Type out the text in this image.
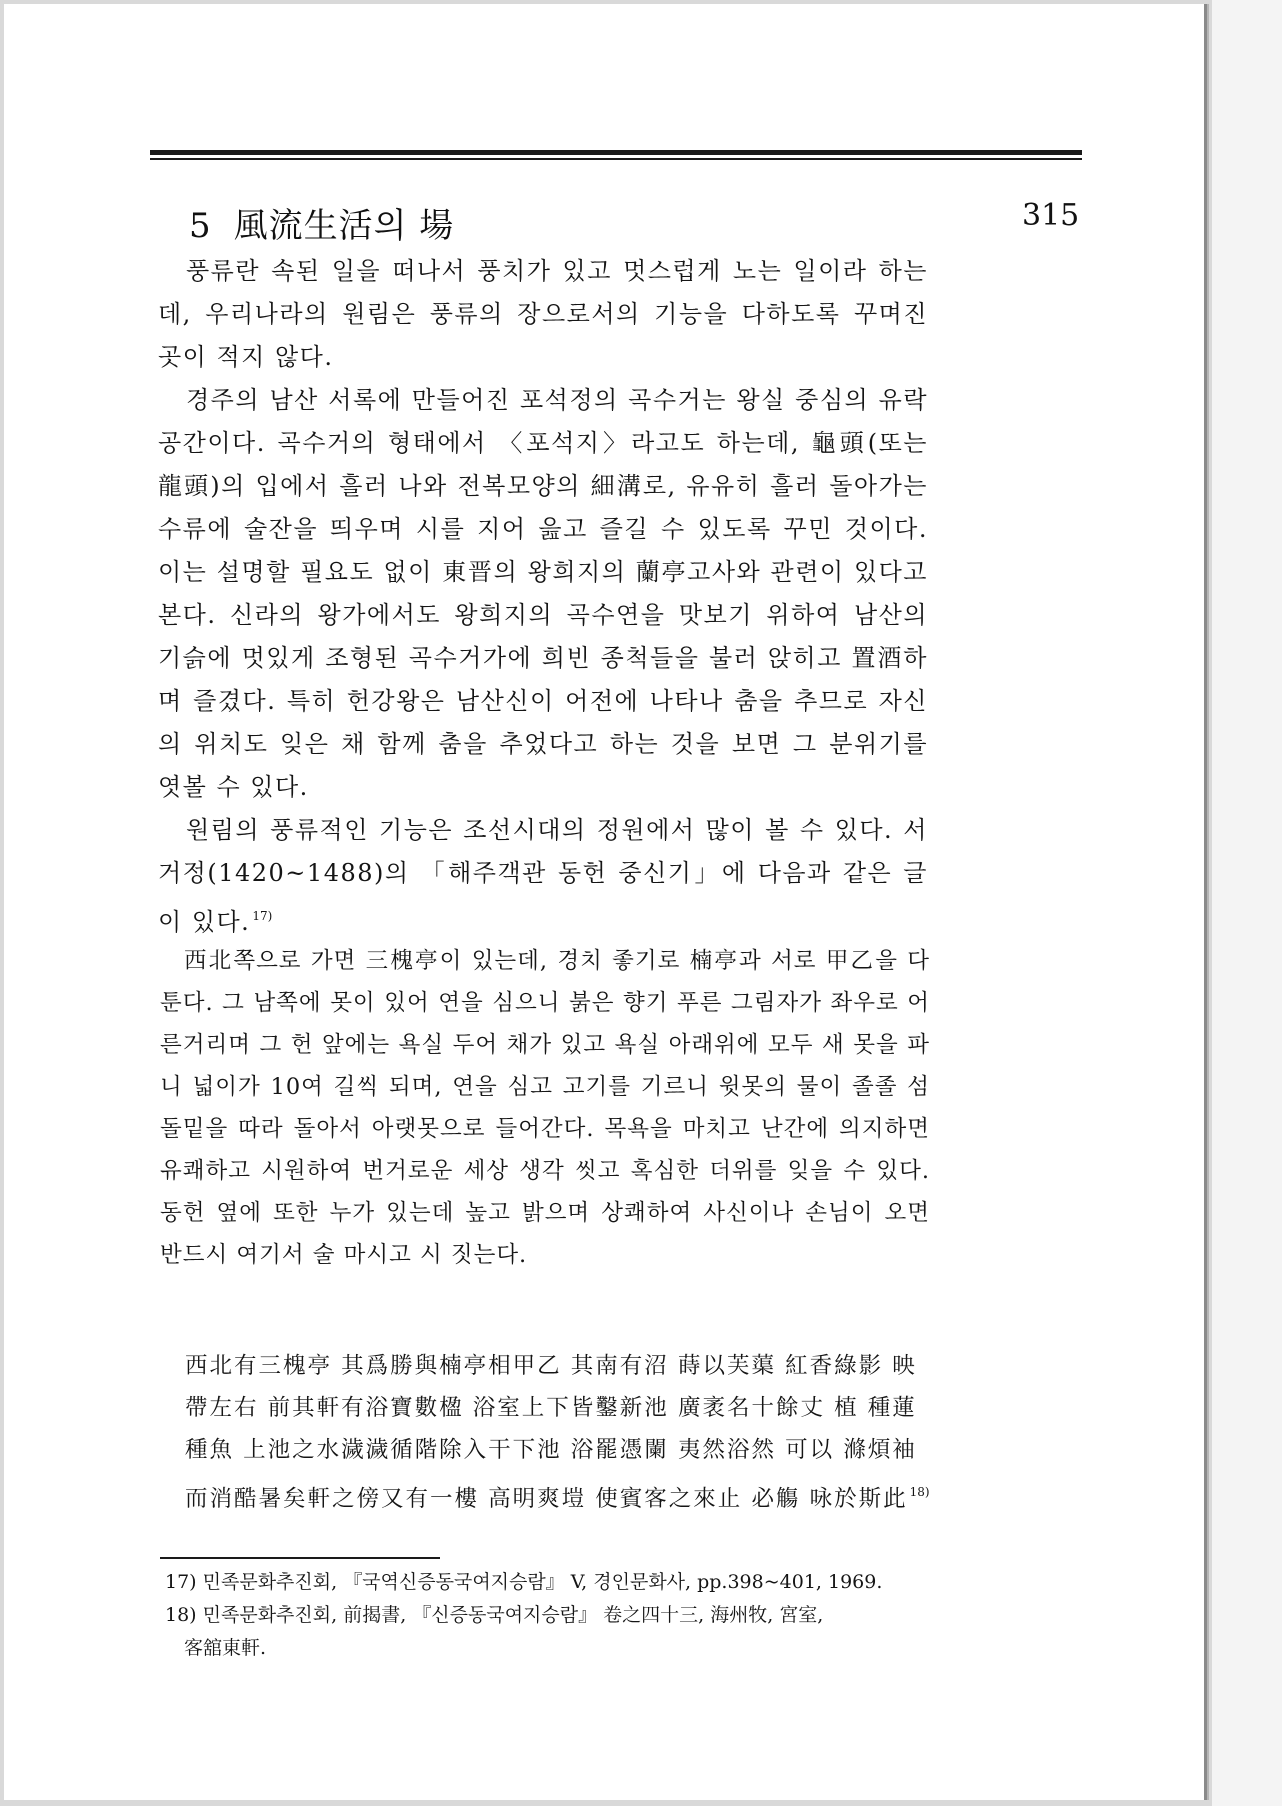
5 風流生活의 場	315

풍류란 속된 일을 떠나서 풍치가 있고 멋스럽게 노는 일이라 하는데, 우리나라의 원림은 풍류의 장으로서의 기능을 다하도록 꾸며진 곳이 적지 않다.

경주의 남산 서록에 만들어진 포석정의 곡수거는 왕실 중심의 유락공간이다. 곡수거의 형태에서 〈포석지〉라고도 하는데, 龜頭(또는 龍頭)의 입에서 흘러 나와 전복모양의 細溝로, 유유히 흘러 돌아가는 수류에 술잔을 띄우며 시를 지어 읊고 즐길 수 있도록 꾸민 것이다. 이는 설명할 필요도 없이 東晋의 왕희지의 蘭亭고사와 관련이 있다고 본다. 신라의 왕가에서도 왕희지의 곡수연을 맛보기 위하여 남산의 기슭에 멋있게 조형된 곡수거가에 희빈 종척들을 불러 앉히고 置酒하며 즐겼다. 특히 헌강왕은 남산신이 어전에 나타나 춤을 추므로 자신의 위치도 잊은 채 함께 춤을 추었다고 하는 것을 보면 그 분위기를 엿볼 수 있다.

원림의 풍류적인 기능은 조선시대의 정원에서 많이 볼 수 있다. 서거정(1420~1488)의 「해주객관 동헌 중신기」에 다음과 같은 글이 있다. $^{17)}$

西北쪽으로 가면 三槐亭이 있는데, 경치 좋기로 楠亭과 서로 甲乙을 다툰다. 그 남쪽에 못이 있어 연을 심으니 붉은 향기 푸른 그림자가 좌우로 어른거리며 그 헌 앞에는 욕실 두어 채가 있고 욕실 아래위에 모두 새 못을 파니 넓이가 10여 길씩 되며, 연을 심고 고기를 기르니 윗못의 물이 졸졸 섬돌밑을 따라 돌아서 아랫못으로 들어간다. 목욕을 마치고 난간에 의지하면 유쾌하고 시원하여 번거로운 세상 생각 씻고 혹심한 더위를 잊을 수 있다. 동헌 옆에 또한 누가 있는데 높고 밝으며 상쾌하여 사신이나 손님이 오면 반드시 여기서 술 마시고 시 짓는다.

西北有三槐亭 其爲勝與楠亭相甲乙 其南有沼 蒔以芙蕖 紅香綠影 映帶左右 前其軒有浴寶數楹 浴室上下皆鑿新池 廣袤名十餘丈 植 種蓮種魚 上池之水濊濊循階除入干下池 浴罷憑闌 夷然浴然 可以 滌煩袖 而消酷暑矣軒之傍又有一樓 高明爽塏 使賓客之來止 必觴 咏於斯此 $^{18)}$

17) 민족문화추진회, 『국역신증동국여지승람』 V, 경인문화사, pp.398~401, 1969.
18) 민족문화추진회, 前揭書, 『신증동국여지승람』 卷之四十三, 海州牧, 宮室,
客舘東軒.
